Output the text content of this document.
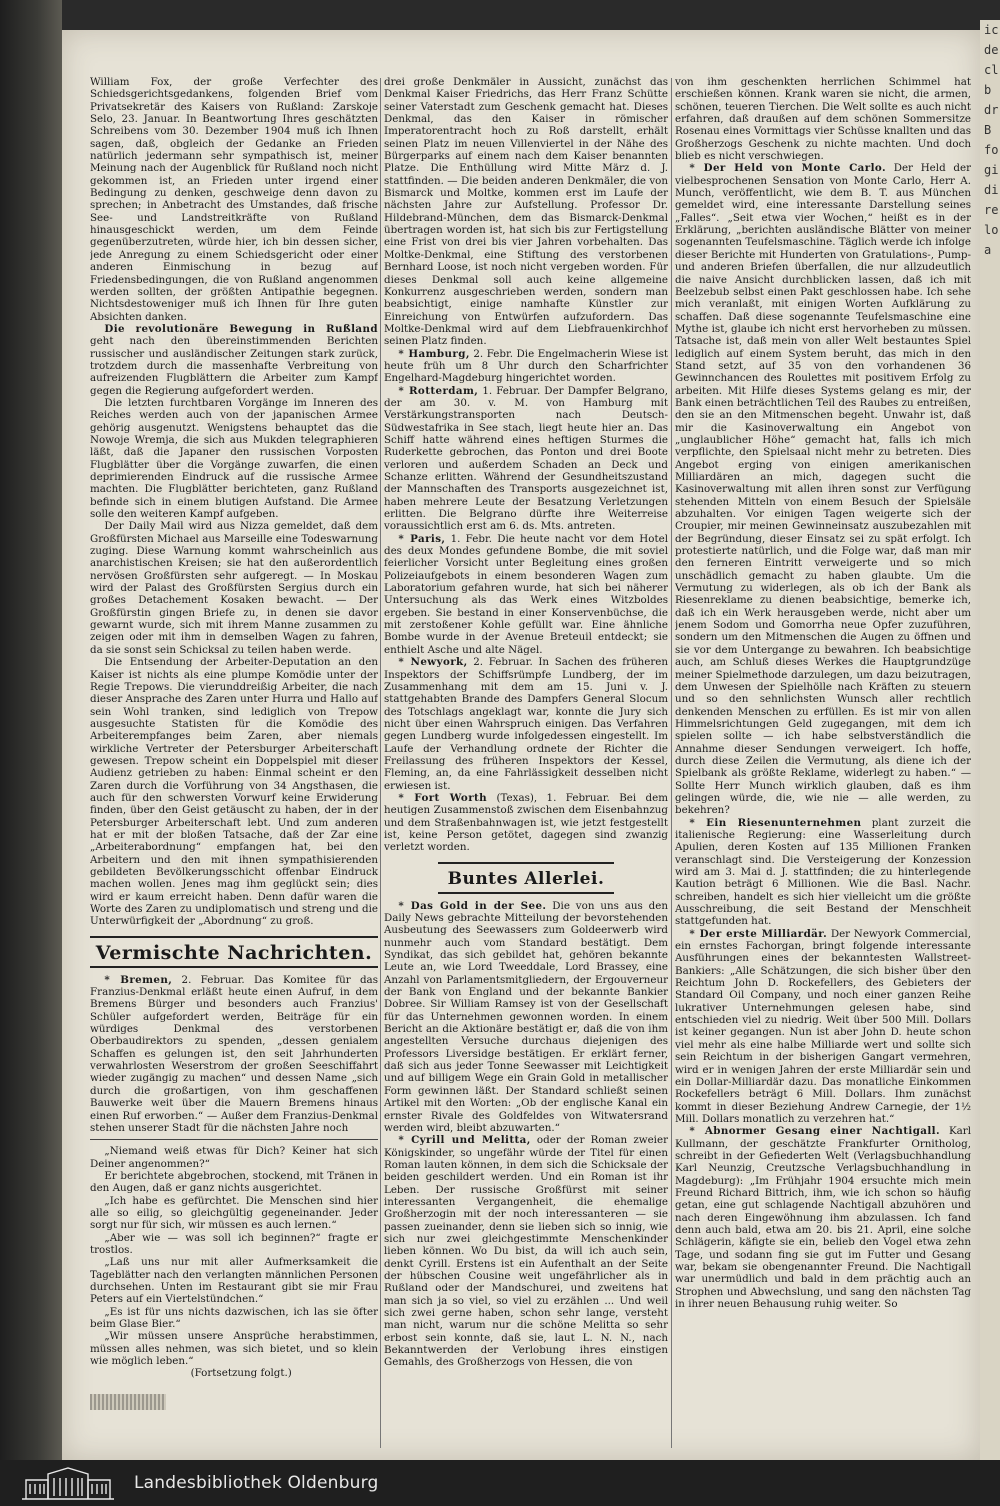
William Fox, der große Verfechter des Schiedsgerichtsgedankens, folgenden Brief vom Privatsekretär des Kaisers von Rußland: Zarskoje Selo, 23. Januar. In Beantwortung Ihres geschätzten Schreibens vom 30. Dezember 1904 muß ich Ihnen sagen, daß, obgleich der Gedanke an Frieden natürlich jedermann sehr sympathisch ist, meiner Meinung nach der Augenblick für Rußland noch nicht gekommen ist, an Frieden unter irgend einer Bedingung zu denken, geschweige denn davon zu sprechen; in Anbetracht des Umstandes, daß frische See- und Landstreitkräfte von Rußland hinausgeschickt werden, um dem Feinde gegenüberzutreten, würde hier, ich bin dessen sicher, jede Anregung zu einem Schiedsgericht oder einer anderen Einmischung in bezug auf Friedensbedingungen, die von Rußland angenommen werden sollten, der größten Antipathie begegnen. Nichtsdestoweniger muß ich Ihnen für Ihre guten Absichten danken.

Die revolutionäre Bewegung in Rußland geht nach den übereinstimmenden Berichten russischer und ausländischer Zeitungen stark zurück, trotzdem durch die massenhafte Verbreitung von aufreizenden Flugblättern die Arbeiter zum Kampf gegen die Regierung aufgefordert werden.

Die letzten furchtbaren Vorgänge im Inneren des Reiches werden auch von der japanischen Armee gehörig ausgenutzt. Wenigstens behauptet das die Nowoje Wremja, die sich aus Mukden telegraphieren läßt, daß die Japaner den russischen Vorposten Flugblätter über die Vorgänge zuwarfen, die einen deprimierenden Eindruck auf die russische Armee machten. Die Flugblätter berichteten, ganz Rußland befinde sich in einem blutigen Aufstand. Die Armee solle den weiteren Kampf aufgeben.

Der Daily Mail wird aus Nizza gemeldet, daß dem Großfürsten Michael aus Marseille eine Todeswarnung zuging. Diese Warnung kommt wahrscheinlich aus anarchistischen Kreisen; sie hat den außerordentlich nervösen Großfürsten sehr aufgeregt. — In Moskau wird der Palast des Großfürsten Sergius durch ein großes Detachement Kosaken bewacht. — Der Großfürstin gingen Briefe zu, in denen sie davor gewarnt wurde, sich mit ihrem Manne zusammen zu zeigen oder mit ihm in demselben Wagen zu fahren, da sie sonst sein Schicksal zu teilen haben werde.

Die Entsendung der Arbeiter-Deputation an den Kaiser ist nichts als eine plumpe Komödie unter der Regie Trepows. Die vierunddreißig Arbeiter, die nach dieser Ansprache des Zaren unter Hurra und Hallo auf sein Wohl tranken, sind lediglich von Trepow ausgesuchte Statisten für die Komödie des Arbeiterempfanges beim Zaren, aber niemals wirkliche Vertreter der Petersburger Arbeiterschaft gewesen. Trepow scheint ein Doppelspiel mit dieser Audienz getrieben zu haben: Einmal scheint er den Zaren durch die Vorführung von 34 Angsthasen, die auch für den schwersten Vorwurf keine Erwiderung finden, über den Geist getäuscht zu haben, der in der Petersburger Arbeiterschaft lebt. Und zum anderen hat er mit der bloßen Tatsache, daß der Zar eine „Arbeiterabordnung“ empfangen hat, bei den Arbeitern und den mit ihnen sympathisierenden gebildeten Bevölkerungsschicht offenbar Eindruck machen wollen. Jenes mag ihm geglückt sein; dies wird er kaum erreicht haben. Denn dafür waren die Worte des Zaren zu undiplomatisch und streng und die Unterwürfigkeit der „Abordnung“ zu groß.

Vermischte Nachrichten.

* Bremen, 2. Februar. Das Komitee für das Franzius-Denkmal erläßt heute einen Aufruf, in dem Bremens Bürger und besonders auch Franzius' Schüler aufgefordert werden, Beiträge für ein würdiges Denkmal des verstorbenen Oberbaudirektors zu spenden, „dessen genialem Schaffen es gelungen ist, den seit Jahrhunderten verwahrlosten Weserstrom der großen Seeschiffahrt wieder zugängig zu machen“ und dessen Name „sich durch die großartigen, von ihm geschaffenen Bauwerke weit über die Mauern Bremens hinaus einen Ruf erworben.“ — Außer dem Franzius-Denkmal stehen unserer Stadt für die nächsten Jahre noch

„Niemand weiß etwas für Dich? Keiner hat sich Deiner angenommen?“

Er berichtete abgebrochen, stockend, mit Tränen in den Augen, daß er ganz nichts ausgerichtet.

„Ich habe es gefürchtet. Die Menschen sind hier alle so eilig, so gleichgültig gegeneinander. Jeder sorgt nur für sich, wir müssen es auch lernen.“

„Aber wie — was soll ich beginnen?“ fragte er trostlos.

„Laß uns nur mit aller Aufmerksamkeit die Tageblätter nach den verlangten männlichen Personen durchsehen. Unten im Restaurant gibt sie mir Frau Peters auf ein Viertelstündchen.“

„Es ist für uns nichts dazwischen, ich las sie öfter beim Glase Bier.“

„Wir müssen unsere Ansprüche herabstimmen, müssen alles nehmen, was sich bietet, und so klein wie möglich leben.“

(Fortsetzung folgt.)

drei große Denkmäler in Aussicht, zunächst das Denkmal Kaiser Friedrichs, das Herr Franz Schütte seiner Vaterstadt zum Geschenk gemacht hat. Dieses Denkmal, das den Kaiser in römischer Imperatorentracht hoch zu Roß darstellt, erhält seinen Platz im neuen Villenviertel in der Nähe des Bürgerparks auf einem nach dem Kaiser benannten Platze. Die Enthüllung wird Mitte März d. J. stattfinden. — Die beiden anderen Denkmäler, die von Bismarck und Moltke, kommen erst im Laufe der nächsten Jahre zur Aufstellung. Professor Dr. Hildebrand-München, dem das Bismarck-Denkmal übertragen worden ist, hat sich bis zur Fertigstellung eine Frist von drei bis vier Jahren vorbehalten. Das Moltke-Denkmal, eine Stiftung des verstorbenen Bernhard Loose, ist noch nicht vergeben worden. Für dieses Denkmal soll auch keine allgemeine Konkurrenz ausgeschrieben werden, sondern man beabsichtigt, einige namhafte Künstler zur Einreichung von Entwürfen aufzufordern. Das Moltke-Denkmal wird auf dem Liebfrauenkirchhof seinen Platz finden.

* Hamburg, 2. Febr. Die Engelmacherin Wiese ist heute früh um 8 Uhr durch den Scharfrichter Engelhard-Magdeburg hingerichtet worden.

* Rotterdam, 1. Februar. Der Dampfer Belgrano, der am 30. v. M. von Hamburg mit Verstärkungstransporten nach Deutsch-Südwestafrika in See stach, liegt heute hier an. Das Schiff hatte während eines heftigen Sturmes die Ruderkette gebrochen, das Ponton und drei Boote verloren und außerdem Schaden an Deck und Schanze erlitten. Während der Gesundheitszustand der Mannschaften des Transports ausgezeichnet ist, haben mehrere Leute der Besatzung Verletzungen erlitten. Die Belgrano dürfte ihre Weiterreise voraussichtlich erst am 6. ds. Mts. antreten.

* Paris, 1. Febr. Die heute nacht vor dem Hotel des deux Mondes gefundene Bombe, die mit soviel feierlicher Vorsicht unter Begleitung eines großen Polizeiaufgebots in einem besonderen Wagen zum Laboratorium gefahren wurde, hat sich bei näherer Untersuchung als das Werk eines Witzboldes ergeben. Sie bestand in einer Konservenbüchse, die mit zerstoßener Kohle gefüllt war. Eine ähnliche Bombe wurde in der Avenue Breteuil entdeckt; sie enthielt Asche und alte Nägel.

* Newyork, 2. Februar. In Sachen des früheren Inspektors der Schiffsrümpfe Lundberg, der im Zusammenhang mit dem am 15. Juni v. J. stattgehabten Brande des Dampfers General Slocum des Totschlags angeklagt war, konnte die Jury sich nicht über einen Wahrspruch einigen. Das Verfahren gegen Lundberg wurde infolgedessen eingestellt. Im Laufe der Verhandlung ordnete der Richter die Freilassung des früheren Inspektors der Kessel, Fleming, an, da eine Fahrlässigkeit desselben nicht erwiesen ist.

* Fort Worth (Texas), 1. Februar. Bei dem heutigen Zusammenstoß zwischen dem Eisenbahnzug und dem Straßenbahnwagen ist, wie jetzt festgestellt ist, keine Person getötet, dagegen sind zwanzig verletzt worden.

Buntes Allerlei.

* Das Gold in der See. Die von uns aus den Daily News gebrachte Mitteilung der bevorstehenden Ausbeutung des Seewassers zum Goldeerwerb wird nunmehr auch vom Standard bestätigt. Dem Syndikat, das sich gebildet hat, gehören bekannte Leute an, wie Lord Tweeddale, Lord Brassey, eine Anzahl von Parlamentsmitgliedern, der Ergouverneur der Bank von England und der bekannte Bankier Dobree. Sir William Ramsey ist von der Gesellschaft für das Unternehmen gewonnen worden. In einem Bericht an die Aktionäre bestätigt er, daß die von ihm angestellten Versuche durchaus diejenigen des Professors Liversidge bestätigen. Er erklärt ferner, daß sich aus jeder Tonne Seewasser mit Leichtigkeit und auf billigem Wege ein Grain Gold in metallischer Form gewinnen läßt. Der Standard schließt seinen Artikel mit den Worten: „Ob der englische Kanal ein ernster Rivale des Goldfeldes von Witwatersrand werden wird, bleibt abzuwarten.“

* Cyrill und Melitta, oder der Roman zweier Königskinder, so ungefähr würde der Titel für einen Roman lauten können, in dem sich die Schicksale der beiden geschildert werden. Und ein Roman ist ihr Leben. Der russische Großfürst mit seiner interessanten Vergangenheit, die ehemalige Großherzogin mit der noch interessanteren — sie passen zueinander, denn sie lieben sich so innig, wie sich nur zwei gleichgestimmte Menschenkinder lieben können. Wo Du bist, da will ich auch sein, denkt Cyrill. Erstens ist ein Aufenthalt an der Seite der hübschen Cousine weit ungefährlicher als in Rußland oder der Mandschurei, und zweitens hat man sich ja so viel, so viel zu erzählen ... Und weil sich zwei gerne haben, schon sehr lange, versteht man nicht, warum nur die schöne Melitta so sehr erbost sein konnte, daß sie, laut L. N. N., nach Bekanntwerden der Verlobung ihres einstigen Gemahls, des Großherzogs von Hessen, die von

von ihm geschenkten herrlichen Schimmel hat erschießen können. Krank waren sie nicht, die armen, schönen, teueren Tierchen. Die Welt sollte es auch nicht erfahren, daß draußen auf dem schönen Sommersitze Rosenau eines Vormittags vier Schüsse knallten und das Großherzogs Geschenk zu nichte machten. Und doch blieb es nicht verschwiegen.

* Der Held von Monte Carlo. Der Held der vielbesprochenen Sensation von Monte Carlo, Herr A. Munch, veröffentlicht, wie dem B. T. aus München gemeldet wird, eine interessante Darstellung seines „Falles“. „Seit etwa vier Wochen,“ heißt es in der Erklärung, „berichten ausländische Blätter von meiner sogenannten Teufelsmaschine. Täglich werde ich infolge dieser Berichte mit Hunderten von Gratulations-, Pump- und anderen Briefen überfallen, die nur allzudeutlich die naive Ansicht durchblicken lassen, daß ich mit Beelzebub selbst einen Pakt geschlossen habe. Ich sehe mich veranlaßt, mit einigen Worten Aufklärung zu schaffen. Daß diese sogenannte Teufelsmaschine eine Mythe ist, glaube ich nicht erst hervorheben zu müssen. Tatsache ist, daß mein von aller Welt bestauntes Spiel lediglich auf einem System beruht, das mich in den Stand setzt, auf 35 von den vorhandenen 36 Gewinnchancen des Roulettes mit positivem Erfolg zu arbeiten. Mit Hilfe dieses Systems gelang es mir, der Bank einen beträchtlichen Teil des Raubes zu entreißen, den sie an den Mitmenschen begeht. Unwahr ist, daß mir die Kasinoverwaltung ein Angebot von „unglaublicher Höhe“ gemacht hat, falls ich mich verpflichte, den Spielsaal nicht mehr zu betreten. Dies Angebot erging von einigen amerikanischen Milliardären an mich, dagegen sucht die Kasinoverwaltung mit allen ihren sonst zur Verfügung stehenden Mitteln von einem Besuch der Spielsäle abzuhalten. Vor einigen Tagen weigerte sich der Croupier, mir meinen Gewinneinsatz auszubezahlen mit der Begründung, dieser Einsatz sei zu spät erfolgt. Ich protestierte natürlich, und die Folge war, daß man mir den ferneren Eintritt verweigerte und so mich unschädlich gemacht zu haben glaubte. Um die Vermutung zu widerlegen, als ob ich der Bank als Riesenreklame zu dienen beabsichtige, bemerke ich, daß ich ein Werk herausgeben werde, nicht aber um jenem Sodom und Gomorrha neue Opfer zuzuführen, sondern um den Mitmenschen die Augen zu öffnen und sie vor dem Untergange zu bewahren. Ich beabsichtige auch, am Schluß dieses Werkes die Hauptgrundzüge meiner Spielmethode darzulegen, um dazu beizutragen, dem Unwesen der Spielhölle nach Kräften zu steuern und so den sehnlichsten Wunsch aller rechtlich denkenden Menschen zu erfüllen. Es ist mir von allen Himmelsrichtungen Geld zugegangen, mit dem ich spielen sollte — ich habe selbstverständlich die Annahme dieser Sendungen verweigert. Ich hoffe, durch diese Zeilen die Vermutung, als diene ich der Spielbank als größte Reklame, widerlegt zu haben.“ — Sollte Herr Munch wirklich glauben, daß es ihm gelingen würde, die, wie nie — alle werden, zu bekehren?

* Ein Riesenunternehmen plant zurzeit die italienische Regierung: eine Wasserleitung durch Apulien, deren Kosten auf 135 Millionen Franken veranschlagt sind. Die Versteigerung der Konzession wird am 3. Mai d. J. stattfinden; die zu hinterlegende Kaution beträgt 6 Millionen. Wie die Basl. Nachr. schreiben, handelt es sich hier vielleicht um die größte Ausschreibung, die seit Bestand der Menschheit stattgefunden hat.

* Der erste Milliardär. Der Newyork Commercial, ein ernstes Fachorgan, bringt folgende interessante Ausführungen eines der bekanntesten Wallstreet-Bankiers: „Alle Schätzungen, die sich bisher über den Reichtum John D. Rockefellers, des Gebieters der Standard Oil Company, und noch einer ganzen Reihe lukrativer Unternehmungen gelesen habe, sind entschieden viel zu niedrig. Weit über 500 Mill. Dollars ist keiner gegangen. Nun ist aber John D. heute schon viel mehr als eine halbe Milliarde wert und sollte sich sein Reichtum in der bisherigen Gangart vermehren, wird er in wenigen Jahren der erste Milliardär sein und ein Dollar-Milliardär dazu. Das monatliche Einkommen Rockefellers beträgt 6 Mill. Dollars. Ihm zunächst kommt in dieser Beziehung Andrew Carnegie, der 1½ Mill. Dollars monatlich zu verzehren hat.“

* Abnormer Gesang einer Nachtigall. Karl Kullmann, der geschätzte Frankfurter Ornitholog, schreibt in der Gefiederten Welt (Verlagsbuchhandlung Karl Neunzig, Creutzsche Verlagsbuchhandlung in Magdeburg): „Im Frühjahr 1904 ersuchte mich mein Freund Richard Bittrich, ihm, wie ich schon so häufig getan, eine gut schlagende Nachtigall abzuhören und nach deren Eingewöhnung ihm abzulassen. Ich fand denn auch bald, etwa am 20. bis 21. April, eine solche Schlägerin, käfigte sie ein, belieb den Vogel etwa zehn Tage, und sodann fing sie gut im Futter und Gesang war, bekam sie obengenannter Freund. Die Nachtigall war unermüdlich und bald in dem prächtig auch an Strophen und Abwechslung, und sang den nächsten Tag in ihrer neuen Behausung ruhig weiter. So

ic
de
cl
b
dr
B
fo
gi
di
re
lo
a
Landesbibliothek Oldenburg
